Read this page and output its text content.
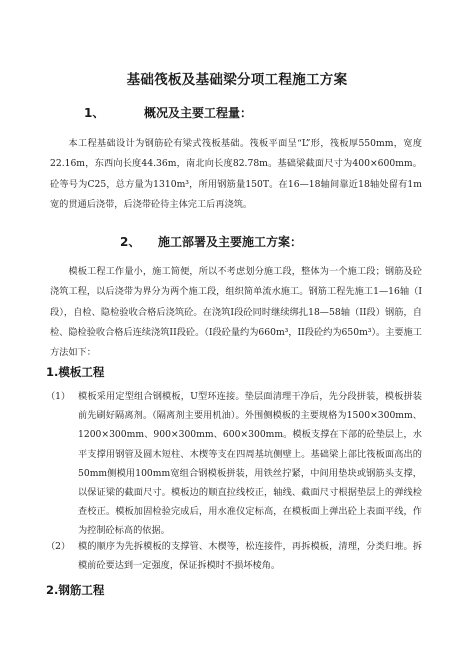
基础筏板及基础梁分项工程施工方案
1、	概况及主要工程量：
本工程基础设计为钢筋砼有梁式筏板基础。筏板平面呈“L”形，筏板厚550mm，宽度22.16m，东西向长度44.36m，南北向长度82.78m。基础梁截面尺寸为400×600mm。砼等号为C25，总方量为1310m³，所用钢筋量150T。在16—18轴间靠近18轴处留有1m宽的贯通后浇带，后浇带砼待主体完工后再浇筑。
2、 施工部署及主要施工方案：
模板工程工作量小，施工简便，所以不考虑划分施工段，整体为一个施工段；钢筋及砼浇筑工程，以后浇带为界分为两个施工段，组织简单流水施工。钢筋工程先施工1—16轴（I段），自检、隐检验收合格后浇筑砼。在浇筑I段砼同时继续绑扎18—58轴（II段）钢筋，自检、隐检验收合格后连续浇筑II段砼。（I段砼量约为660m³，II段砼约为650m³）。主要施工方法如下：
1.模板工程
（1） 模板采用定型组合钢模板，U型环连接。垫层面清理干净后，先分段拼装，模板拼装前先刷好隔离剂。（隔离剂主要用机油）。外围侧模板的主要规格为1500×300mm、1200×300mm、900×300mm、600×300mm。模板支撑在下部的砼垫层上，水平支撑用钢管及圆木短柱、木楔等支在四周基坑侧壁上。基础梁上部比筏板面高出的50mm侧模用100mm宽组合钢模板拼装，用铁丝拧紧，中间用垫块或钢筋头支撑，以保证梁的截面尺寸。模板边的顺直拉线校正，轴线、截面尺寸根据垫层上的弹线检查校正。模板加固检验完成后，用水准仪定标高，在模板面上弹出砼上表面平线，作为控制砼标高的依据。
（2） 模的顺序为先拆模板的支撑管、木楔等，松连接件，再拆模板，清理，分类归堆。拆模前砼要达到一定强度，保证拆模时不损坏棱角。
2.钢筋工程
